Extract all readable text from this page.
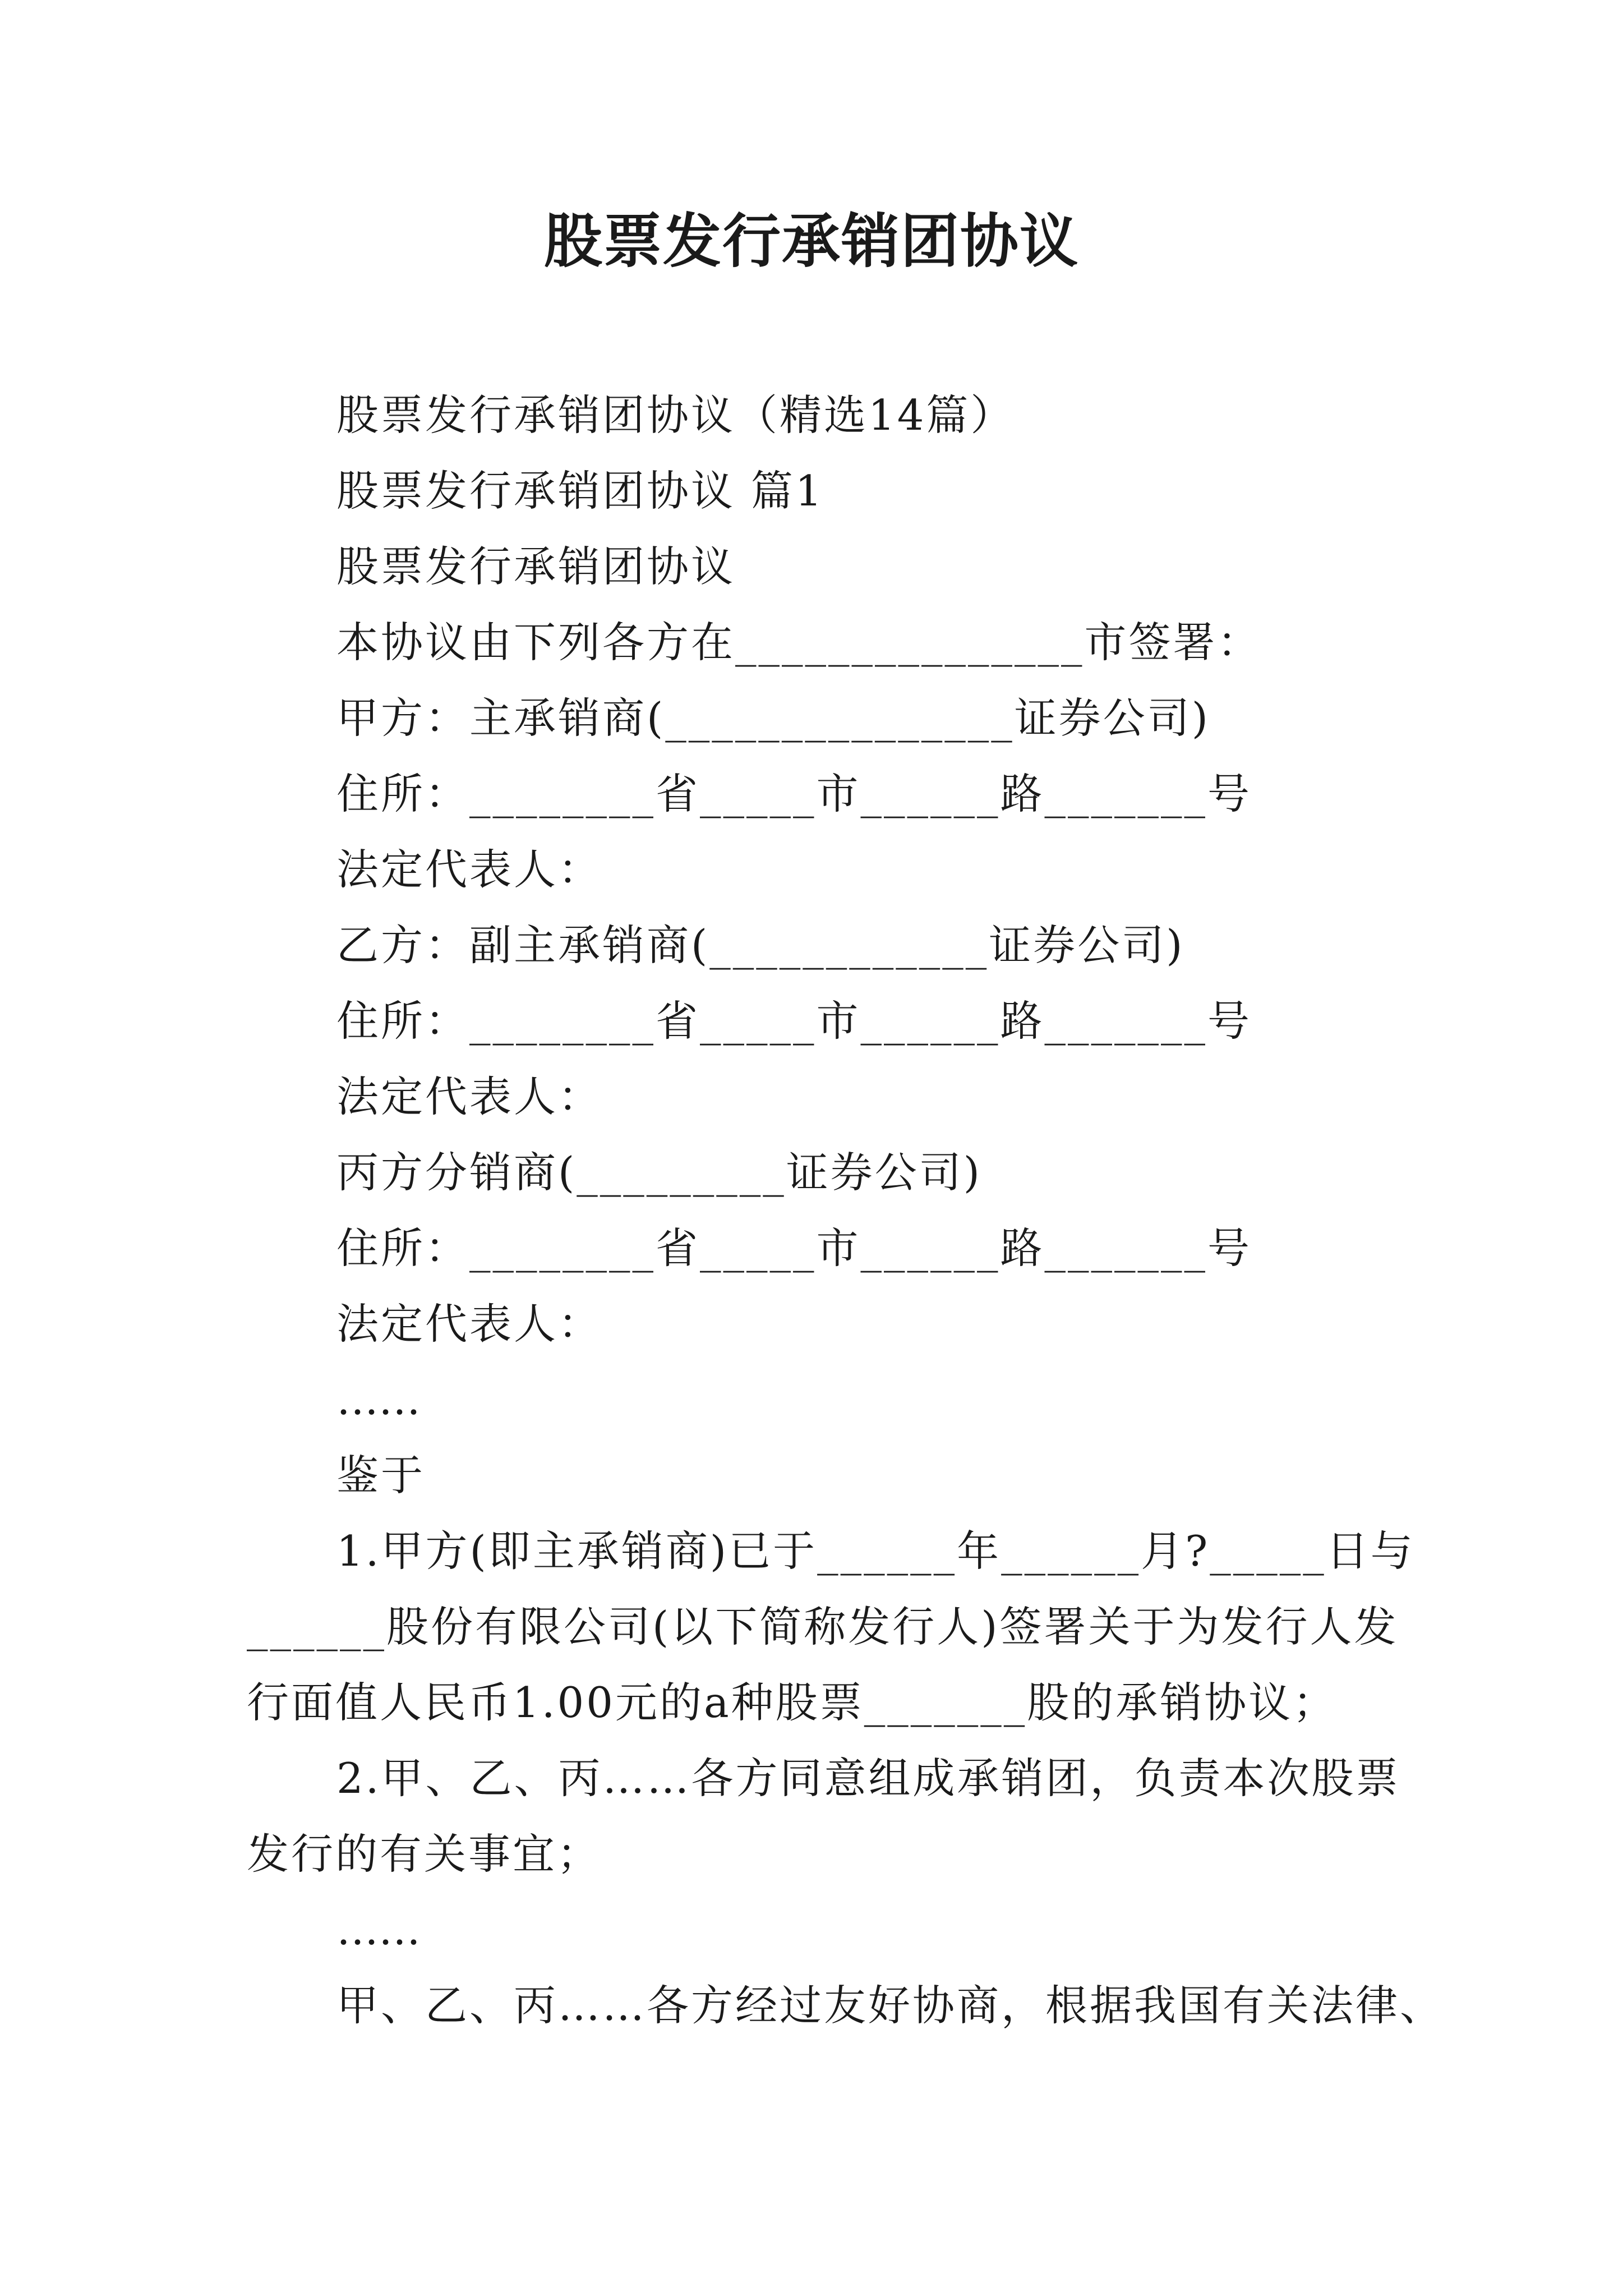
股票发行承销团协议
股票发行承销团协议（精选14篇）
股票发行承销团协议 篇1
股票发行承销团协议
本协议由下列各方在_______________市签署：
甲方：主承销商(_______________证券公司)
住所：________省_____市______路_______号
法定代表人：
乙方：副主承销商(____________证券公司)
住所：________省_____市______路_______号
法定代表人：
丙方分销商(_________证券公司)
住所：________省_____市______路_______号
法定代表人：
……
鉴于
1.甲方(即主承销商)已于______年______月?_____日与
______股份有限公司(以下简称发行人)签署关于为发行人发
行面值人民币1.00元的a种股票_______股的承销协议；
2.甲、乙、丙……各方同意组成承销团，负责本次股票
发行的有关事宜；
……
甲、乙、丙……各方经过友好协商，根据我国有关法律、
